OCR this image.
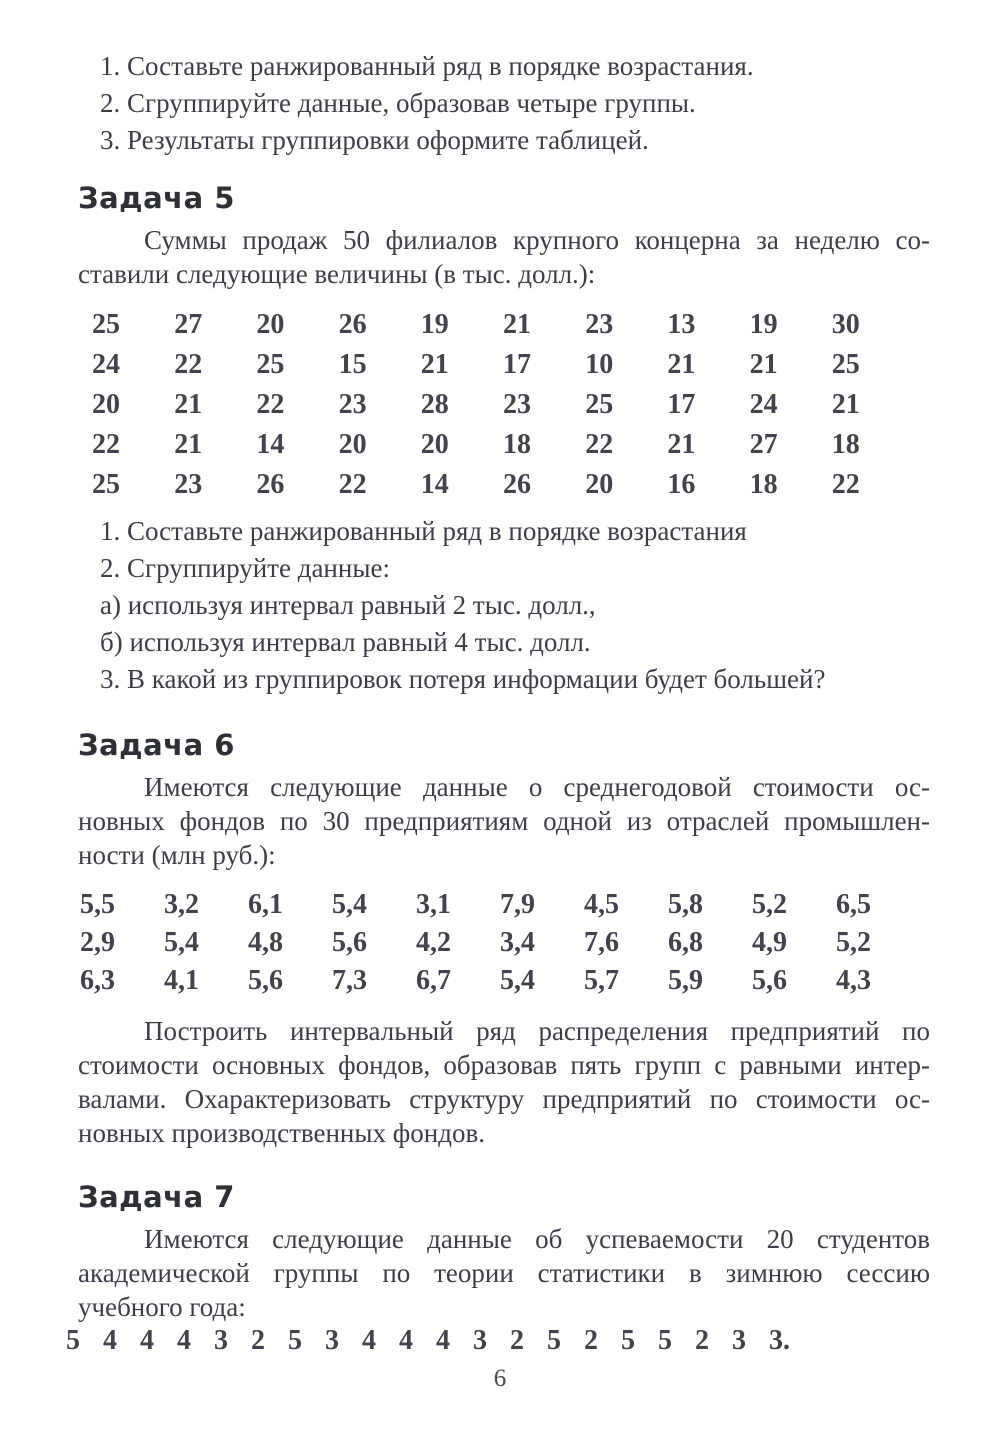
1. Составьте ранжированный ряд в порядке возрастания.
2. Сгруппируйте данные, образовав четыре группы.
3. Результаты группировки оформите таблицей.
Задача 5
Суммы продаж 50 филиалов крупного концерна за неделю со-
ставили следующие величины (в тыс. долл.):
25	27	20	26	19	21	23	13	19	30
24	22	25	15	21	17	10	21	21	25
20	21	22	23	28	23	25	17	24	21
22	21	14	20	20	18	22	21	27	18
25	23	26	22	14	26	20	16	18	22
1. Составьте ранжированный ряд в порядке возрастания
2. Сгруппируйте данные:
а) используя интервал равный 2 тыс. долл.,
б) используя интервал равный 4 тыс. долл.
3. В какой из группировок потеря информации будет большей?
Задача 6
Имеются следующие данные о среднегодовой стоимости ос-
новных фондов по 30 предприятиям одной из отраслей промышлен-
ности (млн руб.):
5,5	3,2	6,1	5,4	3,1	7,9	4,5	5,8	5,2	6,5
2,9	5,4	4,8	5,6	4,2	3,4	7,6	6,8	4,9	5,2
6,3	4,1	5,6	7,3	6,7	5,4	5,7	5,9	5,6	4,3
Построить интервальный ряд распределения предприятий по
стоимости основных фондов, образовав пять групп с равными интер-
валами. Охарактеризовать структуру предприятий по стоимости ос-
новных производственных фондов.
Задача 7
Имеются следующие данные об успеваемости 20 студентов
академической группы по теории статистики в зимнюю сессию
учебного года:
5 4 4 4 3 2 5 3 4 4 4 3 2 5 2 5 5 2 3 3.
6
